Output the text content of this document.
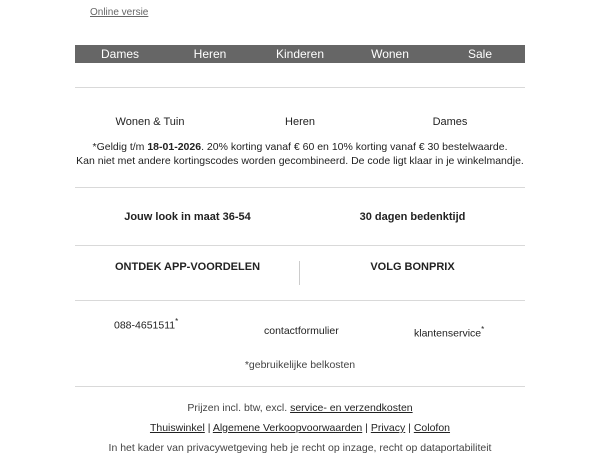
Online versie
Dames	Heren	Kinderen	Wonen	Sale
Wonen & Tuin	Heren	Dames
*Geldig t/m 18-01-2026. 20% korting vanaf € 60 en 10% korting vanaf € 30 bestelwaarde.
Kan niet met andere kortingscodes worden gecombineerd. De code ligt klaar in je winkelmandje.
Jouw look in maat 36-54	30 dagen bedenktijd
ONTDEK APP-VOORDELEN	VOLG BONPRIX
088-4651511*
contactformulier	klantenservice*
*gebruikelijke belkosten
Prijzen incl. btw, excl. service- en verzendkosten
Thuiswinkel | Algemene Verkoopvoorwaarden | Privacy | Colofon
In het kader van privacywetgeving heb je recht op inzage, recht op dataportabiliteit
